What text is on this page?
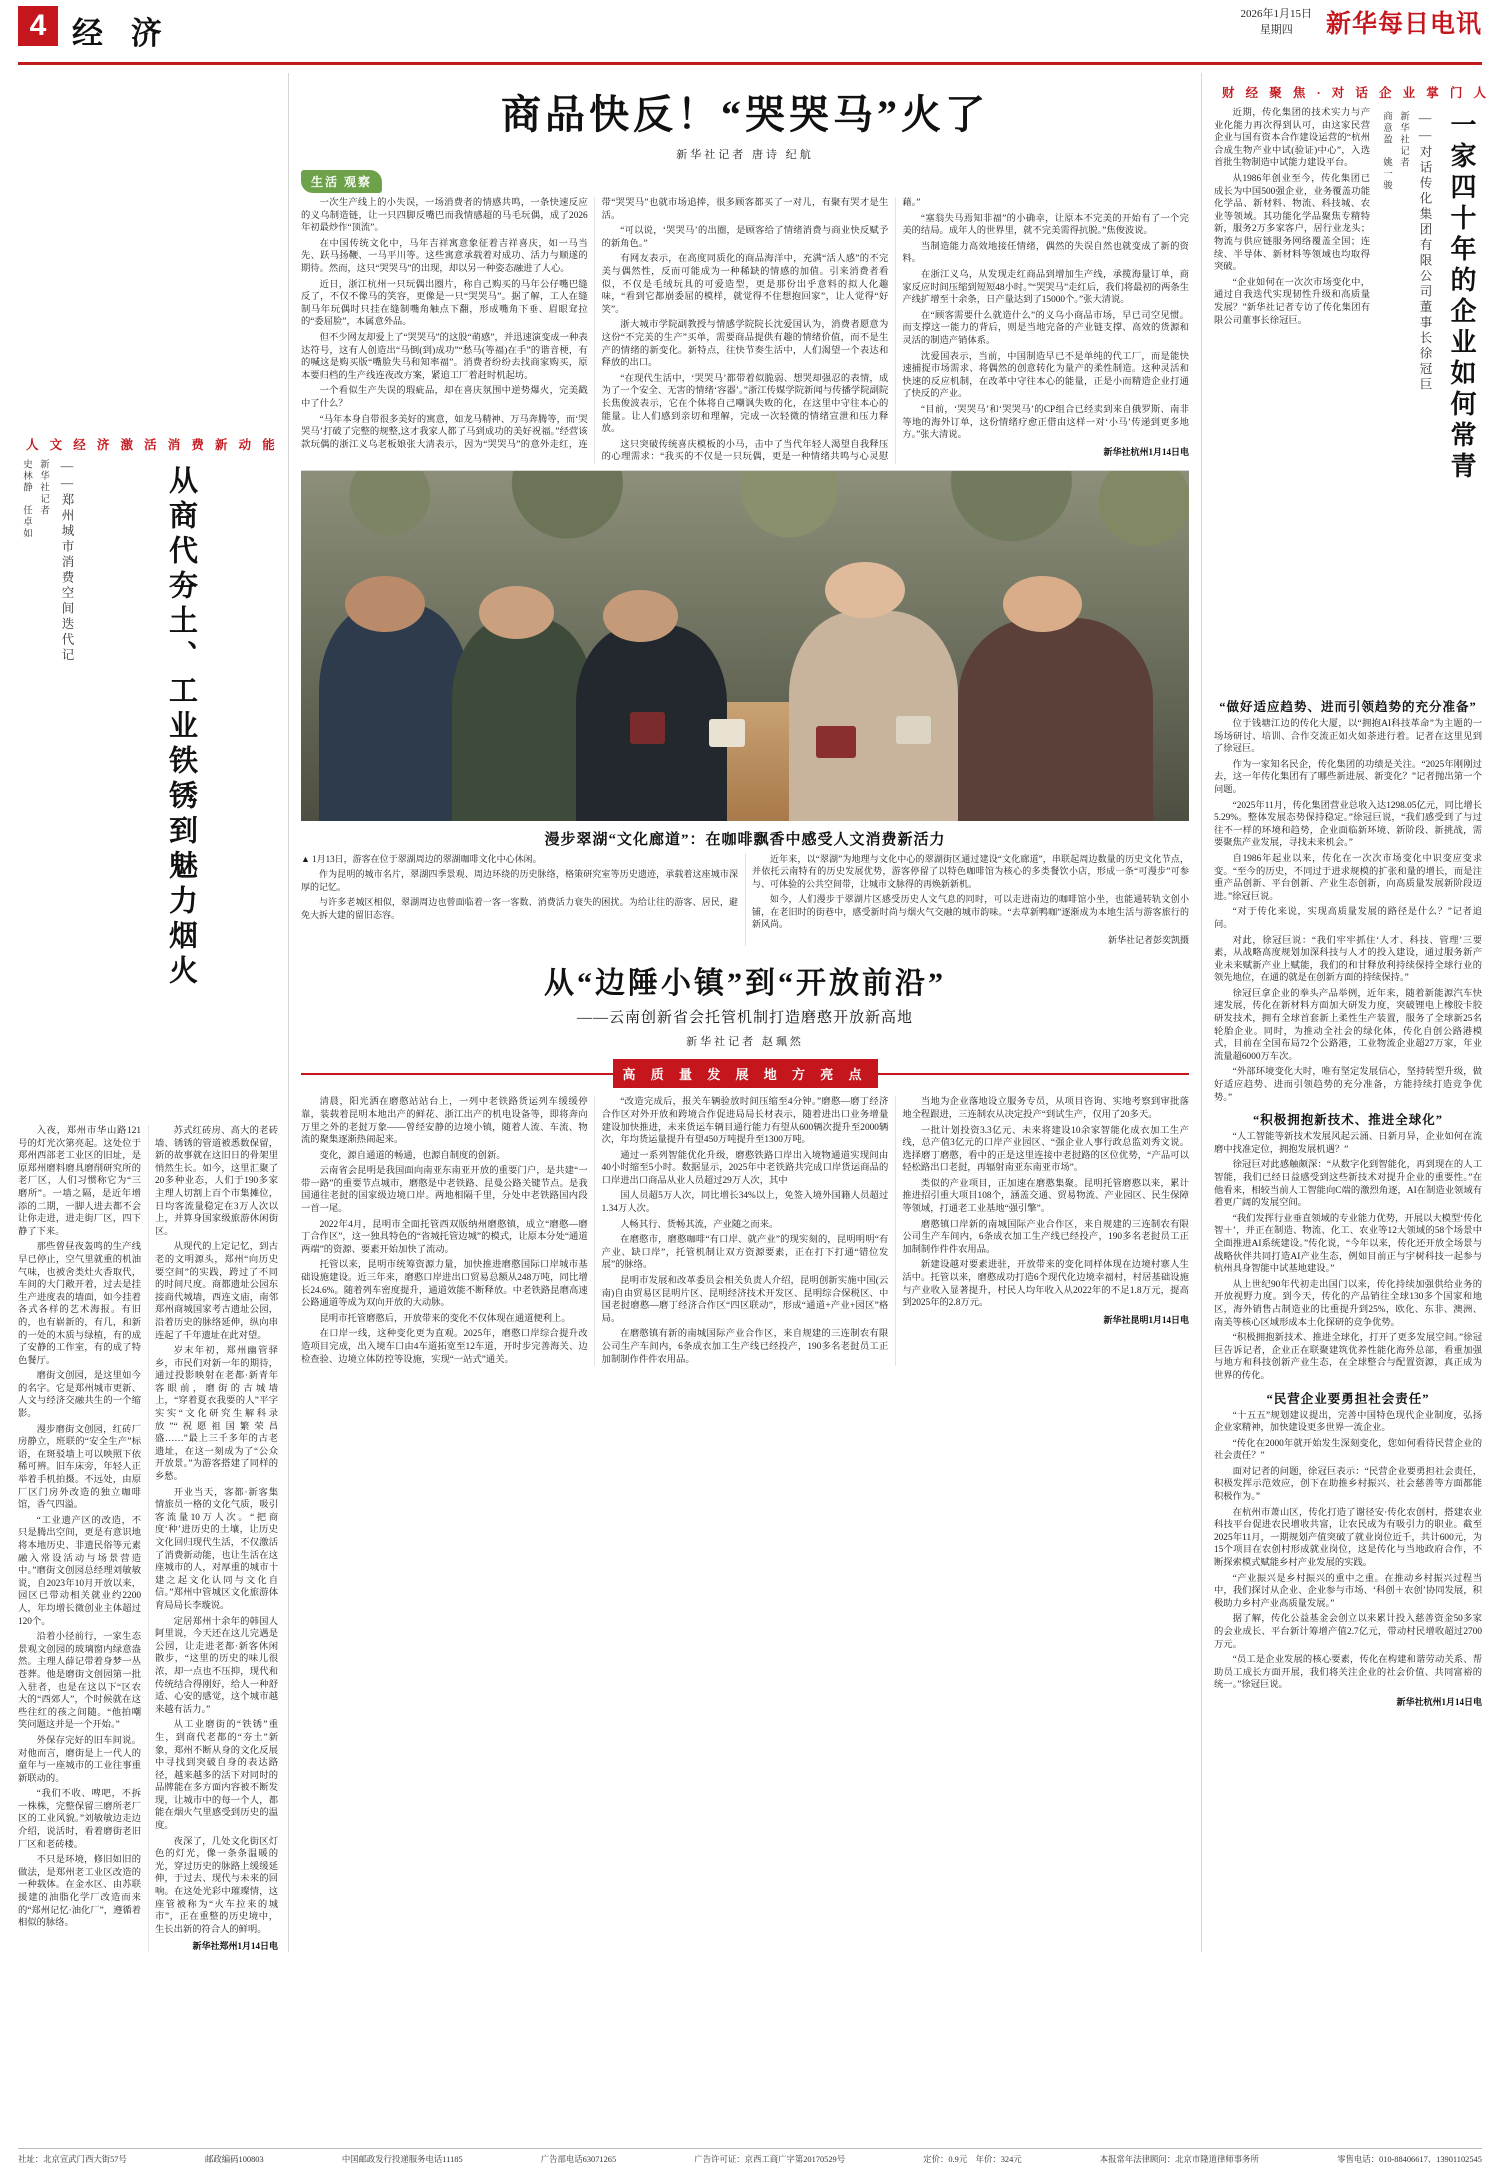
4 经 济
2026年1月15日
星期四	新华每日电讯
人 文 经 济 激 活 消 费 新 动 能
从商代夯土、工业铁锈到魅力烟火
——郑州城市消费空间迭代记
新华社记者
史林静　任卓如

入夜，郑州市华山路121号的灯光次第亮起。这处位于郑州西部老工业区的旧址，是原郑州磨料磨具磨削研究所的老厂区，人们习惯称它为“三磨所”。一墙之隔，是近年增添的二期，一脚人进去都不会让你走进，进走街厂区，四下静了下来。

那些曾昼夜轰鸣的生产线早已停止，空气里就重的机油气味，也被舍类灶火香取代，车间的大门敞开着，过去是挂生产进度表的墙面，如今挂着各式各样的艺术海报。有旧的，也有崭新的，有几，和新的一处的木质与绿植，有的成了安静的工作室，有的成了特色餐厅。

磨街文创园，是这里如今的名字。它是郑州城市更新、人文与经济交融共生的一个缩影。

漫步磨街文创园，红砖厂房静立，班联的“安全生产”标语，在斑驳墙上可以映照下依稀可辨。旧车床旁，年轻人正举着手机拍摄。不远处，由原厂区门房外改造的独立咖啡馆，香气四溢。

“工业遗产区的改造，不只是腾出空间，更是有意识地将本地历史、非遗民俗等元素融入常设活动与场景营造中。”磨街文创园总经理刘敏敏说，自2023年10月开放以来，园区已带动相关就业约2200人，年均增长微创业主体超过120个。

沿着小径前行，一家生态景观文创园的玻璃窗内绿意盎然。主理人薛记带着身梦一丛苍葬。他是磨街文创园第一批入驻者，也是在这以下“区农大的“西郊人”，个时候就在这些往红的孩之间随。“他拍嘲笑问题这并是一个开始。”

外保存完好的旧车间说。对他而言，磨街是上一代人的童年与一座城市的工业往事重新联动的。

“我们不收、啤吧，不拆一株株，完整保留三磨所老厂区的工业风貌。”刘敏敏边走边介绍，说活时，看着磨街老旧厂区和老砖楼。

不只是环境，修旧如旧的做法，是郑州老工业区改造的一种载体。在金水区、由苏联援建的油脂化学厂改造而来的“郑州记忆·油化厂”，遵循着相似的脉络。

苏式红砖房、高大的老砖墙、锈锈的管道被悉数保留，新的故事就在这旧日的骨架里悄然生长。如今，这里汇聚了20多种业态，人们于190多家主理人切割上百个市集摊位，日均客流量稳定在3万人次以上，并算身国家级旅游休闲街区。

从现代的上定记忆，到古老的文明源头，郑州“向历史要空间”的实践，跨过了不同的时间尺度。商都遗址公园东接商代城墙，西连文庙，南邻郑州商城国家考古遗址公园，沿着历史的脉络延伸，纵向串连起了千年遗址在此对望。

岁末年初，郑州幽管驿乡，市民们对新一年的期待，通过投影映射在老都·新青年客眼前，磨街的古城墙上，“穿着夏衣我要的人”平字实实“文化研究生解科录放”“祝愿祖国繁荣昌盛……”最上三千多年的古老遗址，在这一刻成为了“公众开放景。”为游客搭建了同样的乡愁。

开业当天，客都·新客集情旅员一格的文化气质，吸引客流量10万人次。“把商度‘种’进历史的土壤，让历史文化回归现代生活，不仅激活了消费新动能，也让生活在这座城市的人，对厚重的城市十建之起文化认同与文化自信。”郑州中管城区文化旅游体育局局长李璇说。

定居郑州十余年的韩国人阿里说，今天还在这儿完遇是公园，让走进老都·新客休闲散步，“这里的历史的味儿很浓，却一点也不压抑，现代和传统结合得刚好，给人一种舒适、心安的感觉，这个城市越来越有活力。”

从工业磨街的“铁锈”重生，到商代老都的“夯土”新象，郑州不断从身的文化反展中寻找到突破自身的表达路径，越来越多的活下对同时的品牌能在多方面内容被不断发现，让城市中的每一个人，都能在烟火气里感受到历史的温度。

夜深了，几处文化街区灯色的灯光，像一条条温暖的光，穿过历史的脉路上缓缓延伸，于过去、现代与未来的回响。在这处光彩中璀璨情，这座管被称为“火车拉来的城市”，正在重整的历史境中，生长出新的符合人的鲜明。

新华社郑州1月14日电
商品快反！“哭哭马”火了
新华社记者 唐诗 纪航
生活 观察

一次生产线上的小失误，一场消费者的情感共鸣，一条快速反应的义乌制造链，让一只四脚反嘴巴而我情感超的马毛玩偶，成了2026年初最炒作“顶流”。

在中国传统文化中，马年吉祥寓意象征着吉祥喜庆，如一马当先、跃马扬鞭、一马平川等。这些寓意承载着对成功、活力与顺遂的期待。然而，这只“哭哭马”的出现，却以另一种姿态融进了人心。

近日，浙江杭州一只玩偶出圈片，称自己购买的马年公仔嘴巴缝反了，不仅不像马的笑容，更像是一只“哭哭马”。据了解，工人在缝制马年玩偶时只挂在缝制嘴角触点下翻，形成嘴角下垂、眉眼耷拉的“委屈脸”，本属意外品。

但不少网友却爱上了“哭哭马”的这股“萌感”，并迅速演变成一种表达符号，这有人创造出“马倒(到)成功”“愁马(等福)在手”的谐音梗，有的喊这是购买版“嘴脸失马和知率福”。消费者纷纷去找商家购买，原本要归档的生产线连夜改方案，紧追工厂着赶时机起坊。

一个看似生产失误的瑕疵品，却在喜庆氛围中逆势爆火，完美戳中了什么？

“马年本身自带很多美好的寓意，如龙马精神、万马奔腾等，而‘哭哭马’打破了完整的规整,这才我家人都了马到成功的美好祝福。”经营该款玩偶的浙江义乌老板娘张大清表示，因为“哭哭马”的意外走红，连带“哭哭马”也就市场追捧，很多顾客都买了一对儿，有聚有哭才是生活。

“可以说，‘哭哭马’的出圈，是顾客给了情绪消费与商业快反赋予的新角色。”

有网友表示，在高度同质化的商品海洋中，充满“活人感”的不完美与偶然性，反而可能成为一种稀缺的情感的加值。引来消费者看似，不仅是毛绒玩具的可爱造型，更是那份出乎意料的拟人化趣味，“看到它都崩委屈的模样，就觉得不住想抱回家”，让人觉得“好笑”。

浙大城市学院副教授与情感学院院长沈爱国认为，消费者愿意为这份“不完美的生产”买单，需要商品提供有趣的情绪价值，而不是生产的情绪的新变化。新特点，往快节奏生活中，人们渴望一个表达和释放的出口。

“在现代生活中，‘哭哭马’都带着似脆弱、想哭却强忍的表情，成为了一个安全、无害的情绪‘容器’。”浙江传媒学院新闻与传播学院副院长焦俊波表示，它在个体将自己嘲讽失败的化，在这里中守往本心的能量。让人们感到亲切和理解，完成一次轻微的情绪宣泄和压力释放。

这只突破传统喜庆模板的小马，击中了当代年轻人渴望自我释压的心理需求：“我买的不仅是一只玩偶，更是一种情绪共鸣与心灵慰藉。”

“塞翁失马焉知非福”的小确幸，让原本不完美的开始有了一个完美的结局。成年人的世界里，就不完美需得抗脱。”焦俊波说。

当制造能力高效地接任情绪，偶然的失误自然也就变成了新的资料。

在浙江义乌，从发现走红商品到增加生产线，承揽海量订单，商家反应时间压缩到短短48小时。”“哭哭马”走红后，我们将最初的两条生产线扩增至十余条，日产量达到了15000个。”张大清说。

在“顾客需要什么就造什么”的义乌小商品市场，早已司空见惯。而支撑这一能力的背后，则是当地完备的产业链支撑、高效的货源和灵活的制造产销体系。

沈爱国表示，当前，中国制造早已不是单纯的代工厂，而是能快速捕捉市场需求、将偶然的创意转化为量产的柔性制造。这种灵活和快速的反应机制，在改革中守往本心的能量，正是小而精造企业打通了快反的产业。

“目前，‘哭哭马’和‘哭哭马’的CP组合已经卖到来自俄罗斯、南非等地的海外订单，这份情绪疗愈正借由这样一对‘小马’传递到更多地方。”张大清说。

新华社杭州1月14日电
漫步翠湖“文化廊道”：在咖啡飘香中感受人文消费新活力

▲ 1月13日，游客在位于翠湖周边的翠湖咖啡文化中心休闲。

作为昆明的城市名片，翠湖四季景观、周边环绕的历史脉络，格策研究室等历史遗迹，承载着这座城市深厚的记忆。

与许多老城区相似，翠湖周边也曾面临着一客一客数、消费活力衰失的困扰。为给让往的游客、居民，避免大拆大建的留旧态容。

近年来，以“翠湖”为地理与文化中心的翠湖街区通过建设“文化廊道”，串联起周边数量的历史文化节点，并依托云南特有的历史发展优势，游客停留了以特色咖啡馆为核心的多类餐饮小店，形成一条“可漫步”可参与、可体验的公共空间带，让城市文脉得的再焕新新机。

如今，人们漫步于翠湖片区感受历史人文气息的同时，可以走进南边的咖啡馆小坐，也能通转轨文创小铺，在老旧时的街巷中，感受新时尚与烟火气交融的城市韵味。“去草新鸭咖”逐渐成为本地生活与游客旅行的新风尚。

新华社记者彭奕凯摄
从“边陲小镇”到“开放前沿”
——云南创新省会托管机制打造磨憨开放新高地
新华社记者 赵珮然
高 质 量 发 展 地 方 亮 点

清晨，阳光洒在磨憨站站台上，一列中老铁路货运列车缓缓停靠，装载着昆明本地出产的鲜花、浙江出产的机电设备等，即将奔向万里之外的老挝万象——曾经安静的边境小镇，随着人流、车流、物流的聚集逐渐热闹起来。

变化，源自通道的畅通，也源自制度的创新。

云南省会昆明是我国面向南亚东南亚开放的重要门户，是共建“一带一路”的重要节点城市，磨憨是中老铁路、昆曼公路关键节点。是我国通往老挝的国家级边境口岸。两地相隔千里，分处中老铁路国内段一首一尾。

2022年4月，昆明市全面托管西双版纳州磨憨镇，成立“磨憨—磨丁合作区”，这一独具特色的“省城托管边城”的模式，让原本分处“通道两端”的资源、要素开始加快了流动。

托管以来，昆明市统筹资源力量，加快推进磨憨国际口岸城市基础设施建设。近三年来，磨憨口岸进出口贸易总额从248万吨，同比增长24.6%。随着列车密度提升，通道效能不断释放。中老铁路昆磨高速公路通道等成为双向开放的大动脉。

昆明市托管磨憨后，开放带来的变化不仅体现在通道便利上。

在口岸一线，这种变化更为直观。2025年，磨憨口岸综合提升改造项目完成，出入境车口由4车道拓宽至12车道，开时步完善海关、边检查验、边境立体防控等设施，实现“一站式”通关。

“改造完成后，报关车辆验放时间压缩至4分钟。”磨憨—磨丁经济合作区对外开放和跨境合作促进局局长材表示，随着进出口业务增量建设加快推进，未来货运车辆目通行能力有望从600辆次提升至2000辆次，年均货运量提升有望450万吨提升至1300万吨。

通过一系列智能优化升级，磨憨铁路口岸出入境物通道实现间由40小时缩至5小时。数据显示，2025年中老铁路共完成口岸货运商品的口岸进出口商品从业人员超过29万人次，其中

国人员超5万人次，同比增长34%以上，免签入境外国籍人员超过1.34万人次。

人畅其行、货畅其流，产业随之而来。

在磨憨市，磨憨咖啡“有口岸、就产业”的现实刻的，昆明明明“有产业、缺口岸”，托管机制让双方资源要素，正在打下打通“错位发展”的脉络。

昆明市发展和改革委员会相关负责人介绍，昆明创新实施中国(云南)自由贸易区昆明片区、昆明经济技术开发区、昆明综合保税区、中国老挝磨憨—磨丁经济合作区“四区联动”，形成“通道+产业+园区”格局。

在磨憨镇有新的南城国际产业合作区，来自规建的三连制农有限公司生产车间内，6条成衣加工生产线已经投产，190多名老挝员工正加制制作件件农用品。

当地为企业落地设立服务专员，从项目咨询、实地考察到审批落地全程跟进，三连制农从决定投产“到试生产，仅用了20多天。

一批计划投资3.3亿元、未来将建设10余家智能化成衣加工生产线，总产值3亿元的口岸产业园区、“强企业人事行政总监刘秀文说。选择磨丁磨憨，看中的正是这里连接中老挝路的区位优势，“产品可以轻松路出口老挝，再辐射南亚东南亚市场”。

类似的产业项目，正加速在磨憨集聚。昆明托管磨憨以来，累计推进招引重大项目108个，涵盖交通、贸易物流、产业园区、民生保障等领域，打通老工业基地“强引擎”。

磨憨镇口岸新的南城国际产业合作区，来自规建的三连制农有限公司生产车间内，6条成衣加工生产线已经投产，190多名老挝员工正加制制作件件农用品。

新建设越对要素进驻，开放带来的变化同样体现在边境村寨人生活中。托管以来，磨憨成功打造6个现代化边境幸福村，村居基础设施与产业收入显著提升，村民人均年收入从2022年的不足1.8万元，提高到2025年的2.8万元。

新华社昆明1月14日电
财 经 聚 焦 · 对 话 企 业 掌 门 人

近期，传化集团的技术实力与产业化能力再次得到认可，由这家民营企业与国有资本合作建设运营的“杭州合成生物产业中试(验证)中心”，入选首批生物制造中试能力建设平台。

从1986年创业至今，传化集团已成长为中国500强企业，业务覆盖功能化学品、新材料、物流、科技城、农业等领域。其功能化学品聚焦专精特新，服务2万多家客户，居行业龙头；物流与供应链服务网络覆盖全国；连续、半导体、新材料等领域也均取得突破。

“企业如何在一次次市场变化中，通过自我迭代实现韧性升级和高质量发展？”新华社记者专访了传化集团有限公司董事长徐冠巨。	一家四十年的企业如何常青
——对话传化集团有限公司董事长徐冠巨
新华社记者
商意盈　姚一骏
“做好适应趋势、进而引领趋势的充分准备”

位于钱塘江边的传化大厦，以“拥抱AI科技革命”为主题的一场场研讨、培训、合作交流正如火如荼进行着。记者在这里见到了徐冠巨。

作为一家知名民企，传化集团的功绩是关注。“2025年刚刚过去，这一年传化集团有了哪些新进展、新变化？”记者抛出第一个问题。

“2025年11月，传化集团营业总收入达1298.05亿元，同比增长5.29%。整体发展态势保持稳定。”徐冠巨说，“我们感受到了与过往不一样的环境和趋势，企业面临新环境、新阶段、新挑战，需要聚焦产业发展，寻找未来机会。”

自1986年起业以来，传化在一次次市场变化中识变应变求变。“至今的历史，不同过于进求规模的扩张和量的增长，而是注重产品创新、平台创新、产业生态创新，向高质量发展新阶段迈进。”徐冠巨说。

“对于传化来说，实现高质量发展的路径是什么？”记者追问。

对此，徐冠巨说：“我们牢牢抓住‘人才、科技、管理’三要素，从战略高度规划加深科技与人才的投入建设，通过服务新产业未来赋新产业上赋能，我们的和甘释放利持续保持全球行业的领先地位，在通的就是在创新方面的持续保持。”

徐冠巨拿企业的拳头产品举例，近年来，随着新能源汽车快速发展，传化在新材料方面加大研发力度，突破锂电上橡胶卡胶研发技术，拥有全球首套新上柔性生产装置，服务了全球新25名轮胎企业。同时，为推动全社会的绿化体，传化自创公路港模式，目前在全国布局72个公路港，工业物流企业超27万家，年业流量超6000万车次。

“外部环境变化大时，唯有坚定发展信心，坚持转型升级，做好适应趋势、进而引领趋势的充分准备，方能持续打造竞争优势。”

“积极拥抱新技术、推进全球化”

“人工智能等新技术发展风起云涌、日新月异，企业如何在流磨中找准定位，拥抱发展机遇？”

徐冠巨对此感触颇深：“从数字化到智能化，再到现在的人工智能，我们已经日益感受到这些新技术对提升企业的重要性。”在他看来，相较当前人工智能向C端的激烈角逐，AI在制造业领域有着更广阔的发展空间。

“我们发挥行业垂直领域的专业能力优势，开展以大模型‘传化智＋’，并正在制造、物流、化工、农业等12大领域的58个场景中全面推进AI系统建设。”传化说，“今年以来，传化还开放全场景与战略伙伴共同打造AI产业生态，例如目前正与宇树科技一起参与杭州具身智能中试基地建设。”

从上世纪90年代初走出国门以来，传化持续加强供给业务的开放视野力度。到今天，传化的产品销往全球130多个国家和地区，海外销售占制造业的比重提升到25%，欧化、东非、澳洲、南美等核心区域形成本土化探研的竞争优势。

“积极拥抱新技术、推进全球化，打开了更多发展空间。”徐冠巨告诉记者，企业正在联聚建筑优养性能化海外总部，看重加强与地方和科技创新产业生态，在全球整合与配置资源，真正成为世界的传化。

“民营企业要勇担社会责任”

“十五五”规划建议提出，完善中国特色现代企业制度，弘扬企业家精神，加快建设更多世界一流企业。

“传化在2000年就开始发生深刻变化，您如何看待民营企业的社会责任？”

面对记者的问题，徐冠巨表示：“民营企业要勇担社会责任，积极发挥示范效应，创下在助推乡村振兴、社会慈善等方面都能积极作为。”

在杭州市萧山区，传化打造了谢径安·传化农创村，搭建农业科技平台促进农民增收共富，让农民成为有吸引力的职业。截至2025年11月，一期规划产值突破了就业岗位近千，共计600元，为15个项目在农创村形成就业岗位，这是传化与当地政府合作，不断探索模式赋能乡村产业发展的实践。

“产业振兴是乡村振兴的重中之重。在推动乡村振兴过程当中，我们探讨从企业、企业参与市场、‘科创＋农创’协同发展，积极助力乡村产业高质量发展。”

据了解，传化公益基金会创立以来累计投入慈善资金50多家的会业成长、平台新计筹增产值2.7亿元，带动村民增收超过2700万元。

“员工是企业发展的核心要素，传化在构建和谐劳动关系、帮助员工成长方面开展，我们将关注企业的社会价值、共同富裕的统一。”徐冠巨说。

新华社杭州1月14日电
社址：北京宣武门西大街57号	邮政编码100803	中国邮政发行投递服务电话11185	广告部电话63071265	广告许可证：京西工商广字第20170529号	定价：0.9元　年价：324元	本报常年法律顾问：北京市隆道律师事务所	零售电话：010-88406617、13901102545
